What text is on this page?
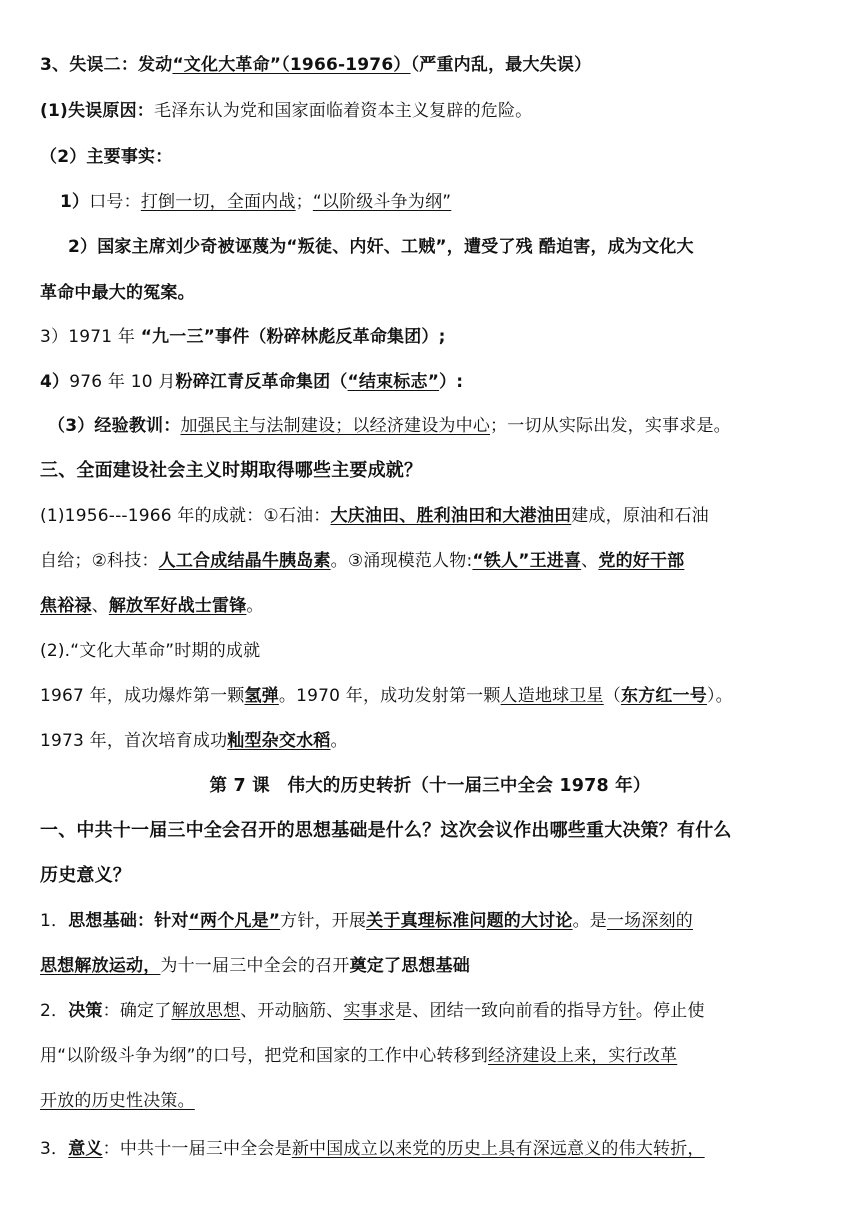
3、失误二：发动“文化大革命”（1966-1976）（严重内乱，最大失误）
(1)失误原因：毛泽东认为党和国家面临着资本主义复辟的危险。
（2）主要事实：
1）口号：打倒一切，全面内战；“以阶级斗争为纲”
2）国家主席刘少奇被诬蔑为“叛徒、内奸、工贼”，遭受了残 酷迫害，成为文化大
革命中最大的冤案。
3）1971 年 “九一三”事件（粉碎林彪反革命集团）;
4）976 年 10 月粉碎江青反革命集团（“结束标志”）:
（3）经验教训：加强民主与法制建设；以经济建设为中心；一切从实际出发，实事求是。
三、全面建设社会主义时期取得哪些主要成就？
(1)1956---1966 年的成就：①石油：大庆油田、胜利油田和大港油田建成，原油和石油
自给；②科技：人工合成结晶牛胰岛素。③涌现模范人物:“铁人”王进喜、党的好干部
焦裕禄、解放军好战士雷锋。
(2).“文化大革命”时期的成就
1967 年，成功爆炸第一颗氢弹。1970 年，成功发射第一颗人造地球卫星（东方红一号）。
1973 年，首次培育成功籼型杂交水稻。
第 7 课　伟大的历史转折（十一届三中全会 1978 年）
一、中共十一届三中全会召开的思想基础是什么？这次会议作出哪些重大决策？有什么
历史意义？
1．思想基础：针对“两个凡是”方针，开展关于真理标准问题的大讨论。是一场深刻的
思想解放运动，为十一届三中全会的召开奠定了思想基础
2．决策：确定了解放思想、开动脑筋、实事求是、团结一致向前看的指导方针。停止使
用“以阶级斗争为纲”的口号，把党和国家的工作中心转移到经济建设上来，实行改革
开放的历史性决策。
3．意义：中共十一届三中全会是新中国成立以来党的历史上具有深远意义的伟大转折，
